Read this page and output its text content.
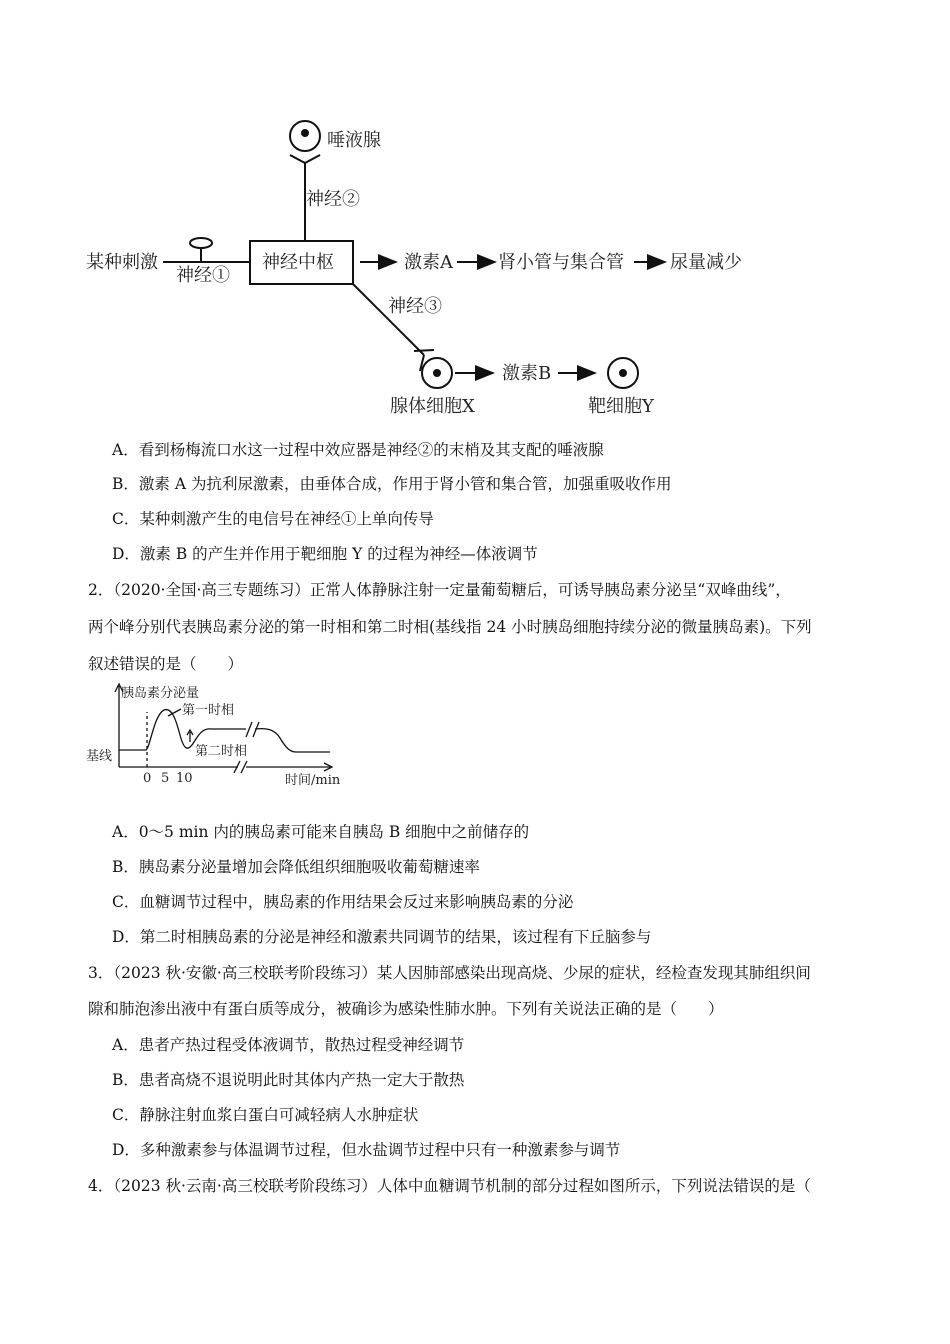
某种刺激
神经①
神经中枢
神经②
唾液腺
激素A	肾小管与集合管	尿量减少
神经③
激素B
腺体细胞X	靶细胞Y
A．看到杨梅流口水这一过程中效应器是神经②的末梢及其支配的唾液腺
B．激素 A 为抗利尿激素，由垂体合成，作用于肾小管和集合管，加强重吸收作用
C．某种刺激产生的电信号在神经①上单向传导
D．激素 B 的产生并作用于靶细胞 Y 的过程为神经—体液调节
2．（2020·全国·高三专题练习）正常人体静脉注射一定量葡萄糖后，可诱导胰岛素分泌呈“双峰曲线”，
两个峰分别代表胰岛素分泌的第一时相和第二时相(基线指 24 小时胰岛细胞持续分泌的微量胰岛素)。下列
叙述错误的是（　　）
胰岛素分泌量
第一时相
第二时相
基线
0 5 10	时间/min
A．0～5 min 内的胰岛素可能来自胰岛 B 细胞中之前储存的
B．胰岛素分泌量增加会降低组织细胞吸收葡萄糖速率
C．血糖调节过程中，胰岛素的作用结果会反过来影响胰岛素的分泌
D．第二时相胰岛素的分泌是神经和激素共同调节的结果，该过程有下丘脑参与
3．（2023 秋·安徽·高三校联考阶段练习）某人因肺部感染出现高烧、少尿的症状，经检查发现其肺组织间
隙和肺泡渗出液中有蛋白质等成分，被确诊为感染性肺水肿。下列有关说法正确的是（　　）
A．患者产热过程受体液调节，散热过程受神经调节
B．患者高烧不退说明此时其体内产热一定大于散热
C．静脉注射血浆白蛋白可减轻病人水肿症状
D．多种激素参与体温调节过程，但水盐调节过程中只有一种激素参与调节
4．（2023 秋·云南·高三校联考阶段练习）人体中血糖调节机制的部分过程如图所示，下列说法错误的是（
